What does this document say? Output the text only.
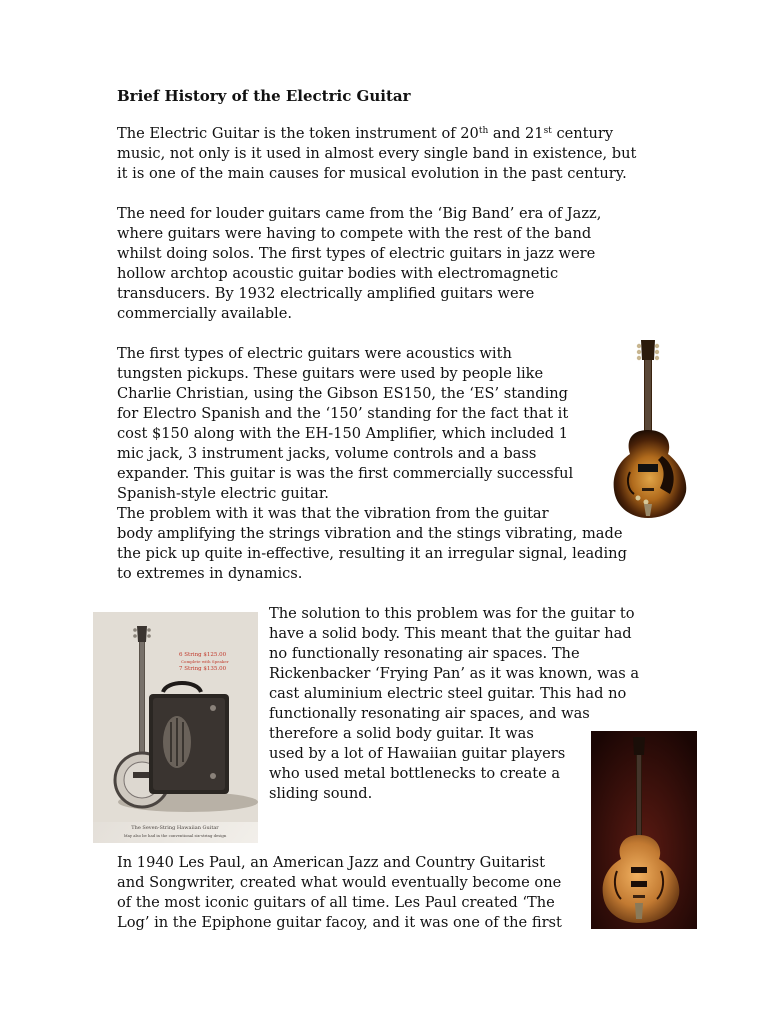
Brief History of the Electric Guitar
The Electric Guitar is the token instrument of 20th and 21st century
music, not only is it used in almost every single band in existence, but
it is one of the main causes for musical evolution in the past century.
The need for louder guitars came from the ‘Big Band’ era of Jazz,
where guitars were having to compete with the rest of the band
whilst doing solos. The first types of electric guitars in jazz were
hollow archtop acoustic guitar bodies with electromagnetic
transducers. By 1932 electrically amplified guitars were
commercially available.
The first types of electric guitars were acoustics with
tungsten pickups. These guitars were used by people like
Charlie Christian, using the Gibson ES150, the ‘ES’ standing
for Electro Spanish and the ‘150’ standing for the fact that it
cost $150 along with the EH-150 Amplifier, which included 1
mic jack, 3 instrument jacks, volume controls and a bass
expander. This guitar is was the first commercially successful
Spanish-style electric guitar.
The problem with it was that the vibration from the guitar
body amplifying the strings vibration and the stings vibrating, made
the pick up quite in-effective, resulting it an irregular signal, leading
to extremes in dynamics.
6 String $125.00
Complete with Speaker
7 String $135.00
The Seven-String Hawaiian Guitar
May also be had in the conventional six-string design
The solution to this problem was for the guitar to
have a solid body. This meant that the guitar had
no functionally resonating air spaces. The
Rickenbacker ‘Frying Pan’ as it was known, was a
cast aluminium electric steel guitar. This had no
functionally resonating air spaces, and was
therefore a solid body guitar. It was
used by a lot of Hawaiian guitar players
who used metal bottlenecks to create a
sliding sound.
In 1940 Les Paul, an American Jazz and Country Guitarist
and Songwriter, created what would eventually become one
of the most iconic guitars of all time. Les Paul created ‘The
Log’ in the Epiphone guitar facoy, and it was one of the first
